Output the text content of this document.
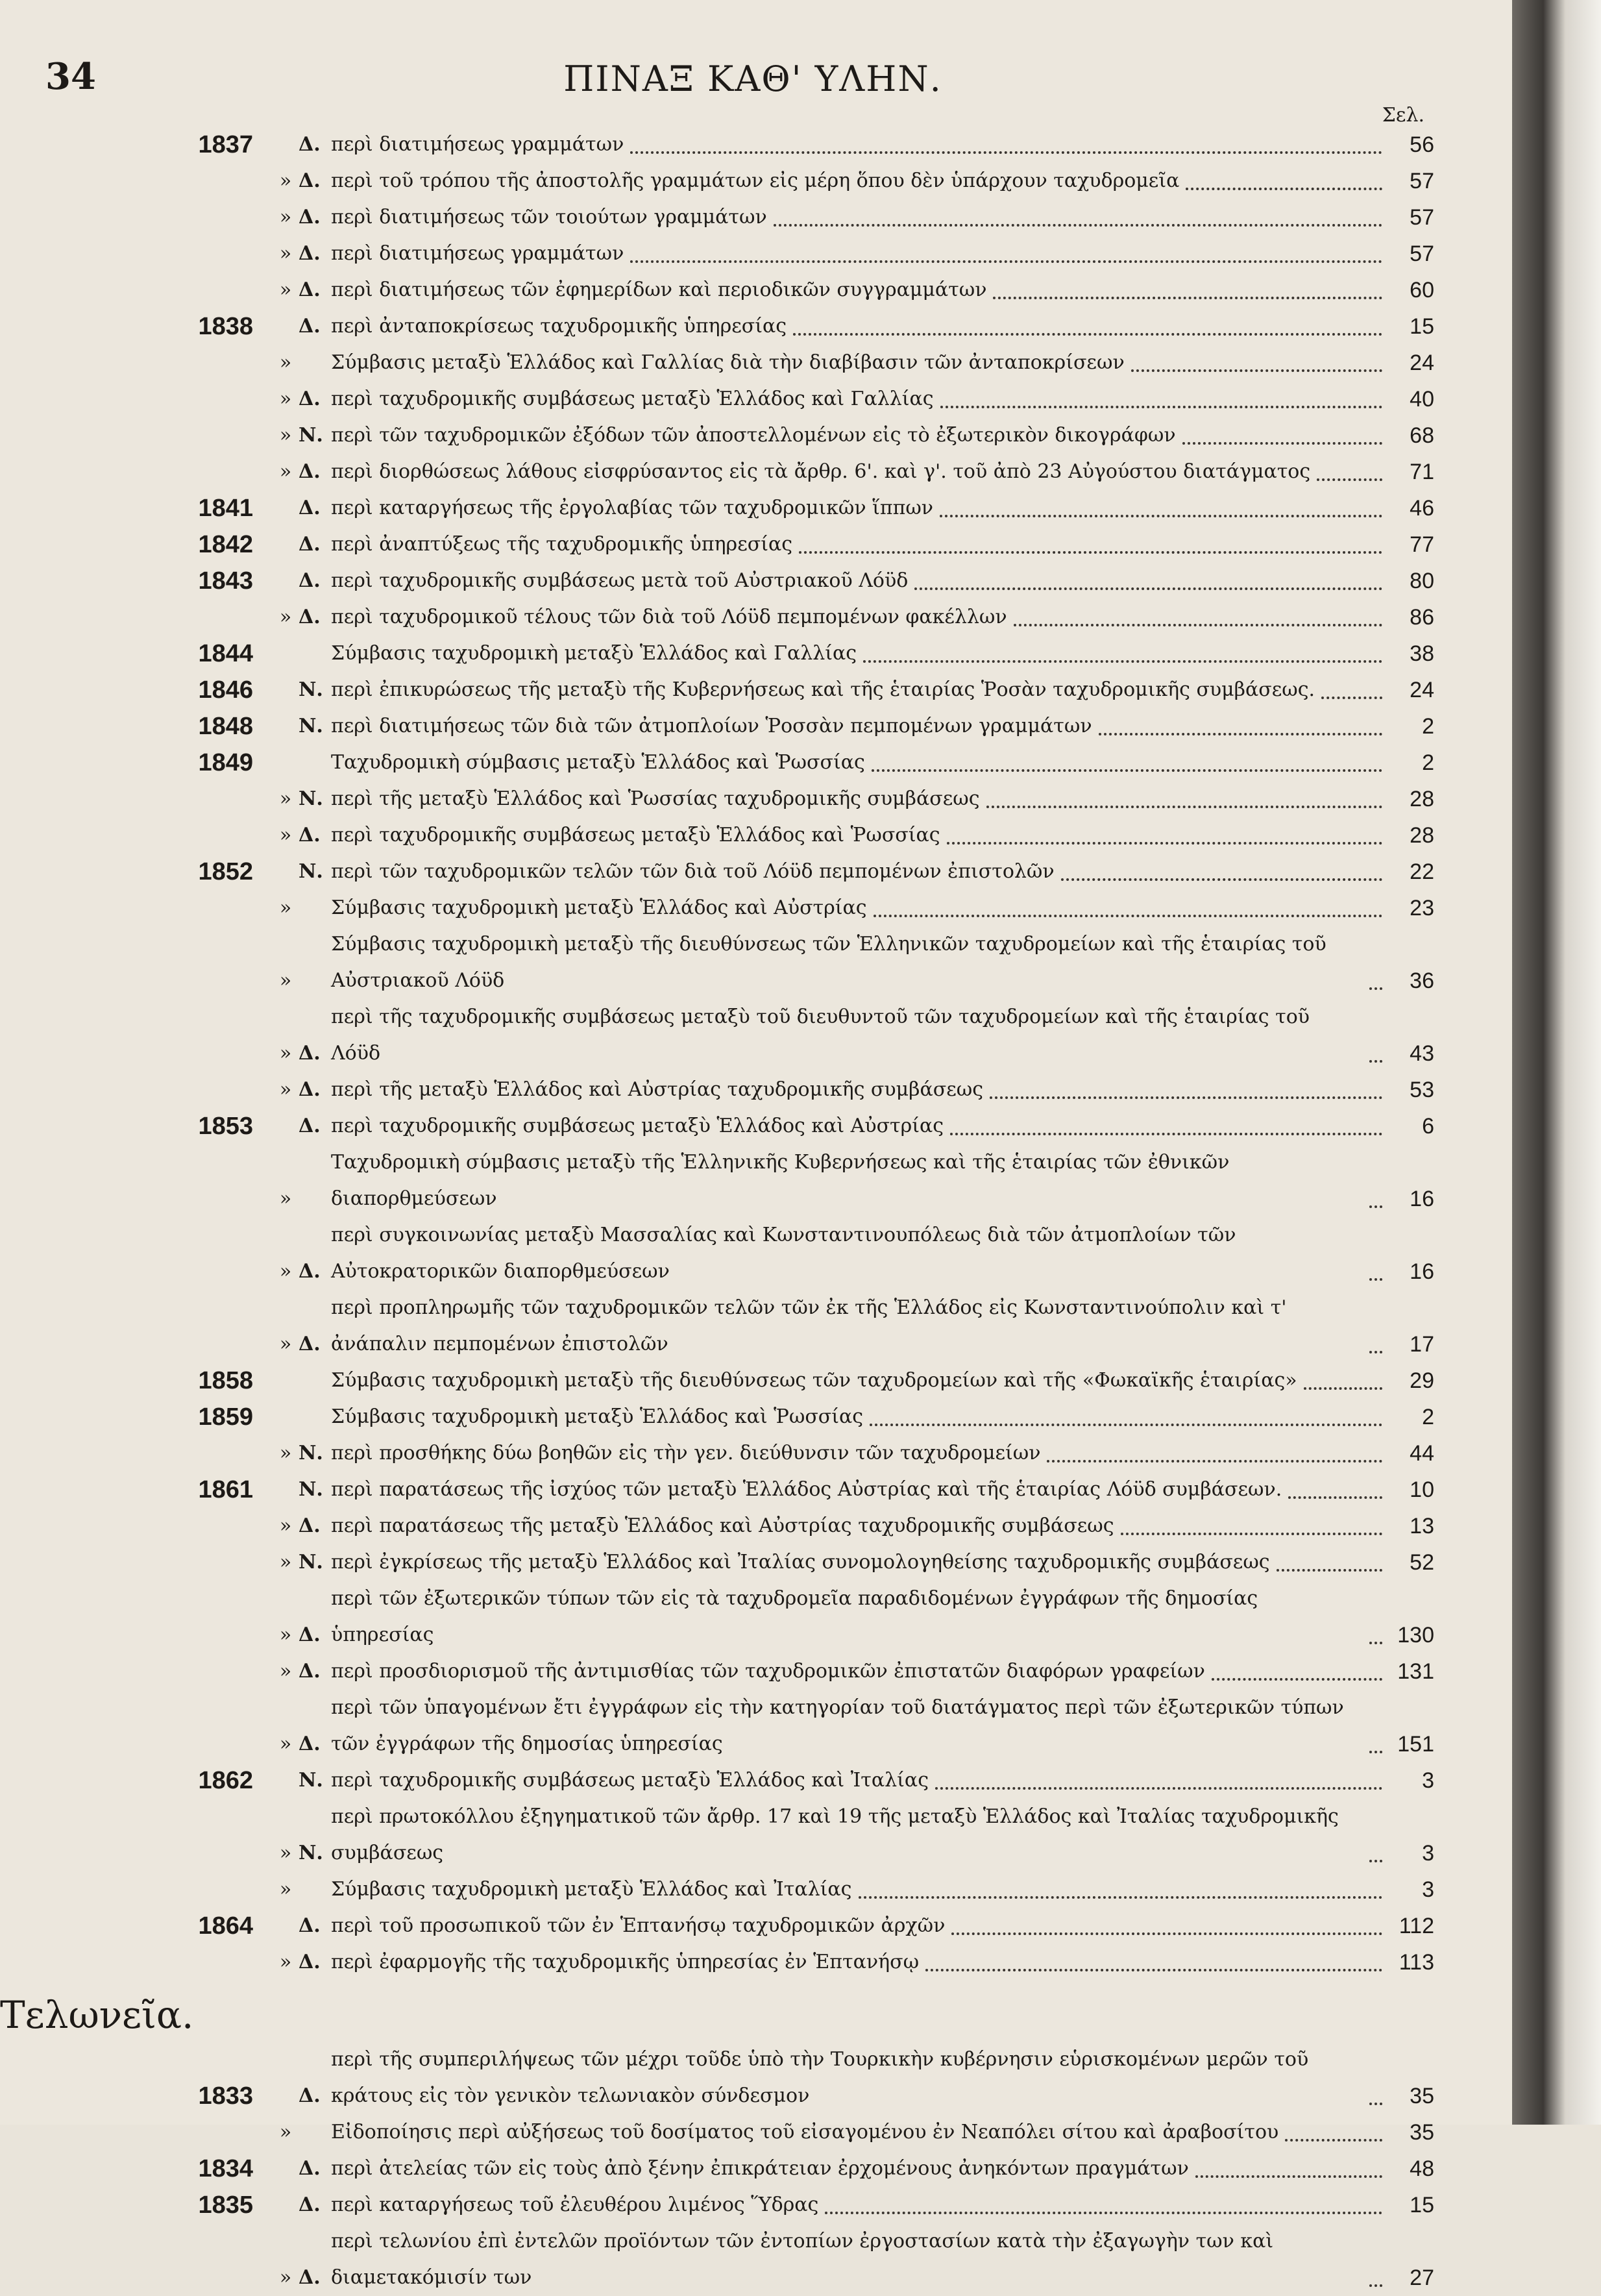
34	ΠΙΝΑΞ ΚΑΘ' ΥΛΗΝ.
Σελ.
1837	Δ. περὶ διατιμήσεως γραμμάτων	56
» Δ. περὶ τοῦ τρόπου τῆς ἀποστολῆς γραμμάτων εἰς μέρη ὅπου δὲν ὑπάρχουν ταχυδρομεῖα	57
» Δ. περὶ διατιμήσεως τῶν τοιούτων γραμμάτων	57
» Δ. περὶ διατιμήσεως γραμμάτων	57
» Δ. περὶ διατιμήσεως τῶν ἐφημερίδων καὶ περιοδικῶν συγγραμμάτων	60
1838	Δ. περὶ ἀνταποκρίσεως ταχυδρομικῆς ὑπηρεσίας	15
»	Σύμβασις μεταξὺ Ἑλλάδος καὶ Γαλλίας διὰ τὴν διαβίβασιν τῶν ἀνταποκρίσεων	24
» Δ. περὶ ταχυδρομικῆς συμβάσεως μεταξὺ Ἑλλάδος καὶ Γαλλίας	40
» Ν. περὶ τῶν ταχυδρομικῶν ἐξόδων τῶν ἀποστελλομένων εἰς τὸ ἐξωτερικὸν δικογράφων	68
» Δ. περὶ διορθώσεως λάθους εἰσφρύσαντος εἰς τὰ ἄρθρ. 6'. καὶ γ'. τοῦ ἀπὸ 23 Αὐγούστου διατάγματος	71
1841	Δ. περὶ καταργήσεως τῆς ἐργολαβίας τῶν ταχυδρομικῶν ἵππων	46
1842	Δ. περὶ ἀναπτύξεως τῆς ταχυδρομικῆς ὑπηρεσίας	77
1843	Δ. περὶ ταχυδρομικῆς συμβάσεως μετὰ τοῦ Αὐστριακοῦ Λόϋδ	80
» Δ. περὶ ταχυδρομικοῦ τέλους τῶν διὰ τοῦ Λόϋδ πεμπομένων φακέλλων	86
1844	Σύμβασις ταχυδρομικὴ μεταξὺ Ἑλλάδος καὶ Γαλλίας	38
1846	Ν. περὶ ἐπικυρώσεως τῆς μεταξὺ τῆς Κυβερνήσεως καὶ τῆς ἑταιρίας Ῥοσὰν ταχυδρομικῆς συμβάσεως.	24
1848	Ν. περὶ διατιμήσεως τῶν διὰ τῶν ἀτμοπλοίων Ῥοσσὰν πεμπομένων γραμμάτων	2
1849	Ταχυδρομικὴ σύμβασις μεταξὺ Ἑλλάδος καὶ Ῥωσσίας	2
» Ν. περὶ τῆς μεταξὺ Ἑλλάδος καὶ Ῥωσσίας ταχυδρομικῆς συμβάσεως	28
» Δ. περὶ ταχυδρομικῆς συμβάσεως μεταξὺ Ἑλλάδος καὶ Ῥωσσίας	28
1852	Ν. περὶ τῶν ταχυδρομικῶν τελῶν τῶν διὰ τοῦ Λόϋδ πεμπομένων ἐπιστολῶν	22
»	Σύμβασις ταχυδρομικὴ μεταξὺ Ἑλλάδος καὶ Αὐστρίας	23
»
Σύμβασις ταχυδρομικὴ μεταξὺ τῆς διευθύνσεως τῶν Ἑλληνικῶν ταχυδρομείων καὶ τῆς ἑταιρίας τοῦ Αὐστριακοῦ Λόϋδ	36
» Δ.
περὶ τῆς ταχυδρομικῆς συμβάσεως μεταξὺ τοῦ διευθυντοῦ τῶν ταχυδρομείων καὶ τῆς ἑταιρίας τοῦ Λόϋδ	43
» Δ. περὶ τῆς μεταξὺ Ἑλλάδος καὶ Αὐστρίας ταχυδρομικῆς συμβάσεως	53
1853	Δ. περὶ ταχυδρομικῆς συμβάσεως μεταξὺ Ἑλλάδος καὶ Αὐστρίας	6
»
Ταχυδρομικὴ σύμβασις μεταξὺ τῆς Ἑλληνικῆς Κυβερνήσεως καὶ τῆς ἑταιρίας τῶν ἐθνικῶν διαπορθμεύσεων	16
» Δ.
περὶ συγκοινωνίας μεταξὺ Μασσαλίας καὶ Κωνσταντινουπόλεως διὰ τῶν ἀτμοπλοίων τῶν Αὐτοκρατορικῶν διαπορθμεύσεων	16
» Δ.
περὶ προπληρωμῆς τῶν ταχυδρομικῶν τελῶν τῶν ἐκ τῆς Ἑλλάδος εἰς Κωνσταντινούπολιν καὶ τ' ἀνάπαλιν πεμπομένων ἐπιστολῶν	17
1858	Σύμβασις ταχυδρομικὴ μεταξὺ τῆς διευθύνσεως τῶν ταχυδρομείων καὶ τῆς «Φωκαϊκῆς ἑταιρίας»	29
1859	Σύμβασις ταχυδρομικὴ μεταξὺ Ἑλλάδος καὶ Ῥωσσίας	2
» Ν. περὶ προσθήκης δύω βοηθῶν εἰς τὴν γεν. διεύθυνσιν τῶν ταχυδρομείων	44
1861	Ν. περὶ παρατάσεως τῆς ἰσχύος τῶν μεταξὺ Ἑλλάδος Αὐστρίας καὶ τῆς ἑταιρίας Λόϋδ συμβάσεων.	10
» Δ. περὶ παρατάσεως τῆς μεταξὺ Ἑλλάδος καὶ Αὐστρίας ταχυδρομικῆς συμβάσεως	13
» Ν. περὶ ἐγκρίσεως τῆς μεταξὺ Ἑλλάδος καὶ Ἰταλίας συνομολογηθείσης ταχυδρομικῆς συμβάσεως	52
» Δ.
περὶ τῶν ἐξωτερικῶν τύπων τῶν εἰς τὰ ταχυδρομεῖα παραδιδομένων ἐγγράφων τῆς δημοσίας ὑπηρεσίας	130
» Δ. περὶ προσδιορισμοῦ τῆς ἀντιμισθίας τῶν ταχυδρομικῶν ἐπιστατῶν διαφόρων γραφείων	131
» Δ.
περὶ τῶν ὑπαγομένων ἔτι ἐγγράφων εἰς τὴν κατηγορίαν τοῦ διατάγματος περὶ τῶν ἐξωτερικῶν τύπων τῶν ἐγγράφων τῆς δημοσίας ὑπηρεσίας	151
1862	Ν. περὶ ταχυδρομικῆς συμβάσεως μεταξὺ Ἑλλάδος καὶ Ἰταλίας	3
» Ν.
περὶ πρωτοκόλλου ἐξηγηματικοῦ τῶν ἄρθρ. 17 καὶ 19 τῆς μεταξὺ Ἑλλάδος καὶ Ἰταλίας ταχυδρομικῆς συμβάσεως	3
»	Σύμβασις ταχυδρομικὴ μεταξὺ Ἑλλάδος καὶ Ἰταλίας	3
1864	Δ. περὶ τοῦ προσωπικοῦ τῶν ἐν Ἑπτανήσῳ ταχυδρομικῶν ἀρχῶν	112
» Δ. περὶ ἐφαρμογῆς τῆς ταχυδρομικῆς ὑπηρεσίας ἐν Ἑπτανήσῳ	113
Τελωνεῖα.
1833	Δ.
περὶ τῆς συμπεριλήψεως τῶν μέχρι τοῦδε ὑπὸ τὴν Τουρκικὴν κυβέρνησιν εὑρισκομένων μερῶν τοῦ κράτους εἰς τὸν γενικὸν τελωνιακὸν σύνδεσμον	35
»	Εἰδοποίησις περὶ αὐξήσεως τοῦ δοσίματος τοῦ εἰσαγομένου ἐν Νεαπόλει σίτου καὶ ἀραβοσίτου	35
1834	Δ. περὶ ἀτελείας τῶν εἰς τοὺς ἀπὸ ξένην ἐπικράτειαν ἐρχομένους ἀνηκόντων πραγμάτων	48
1835	Δ. περὶ καταργήσεως τοῦ ἐλευθέρου λιμένος Ὕδρας	15
» Δ.
περὶ τελωνίου ἐπὶ ἐντελῶν προϊόντων τῶν ἐντοπίων ἐργοστασίων κατὰ τὴν ἐξαγωγὴν των καὶ διαμετακόμισίν των	27
